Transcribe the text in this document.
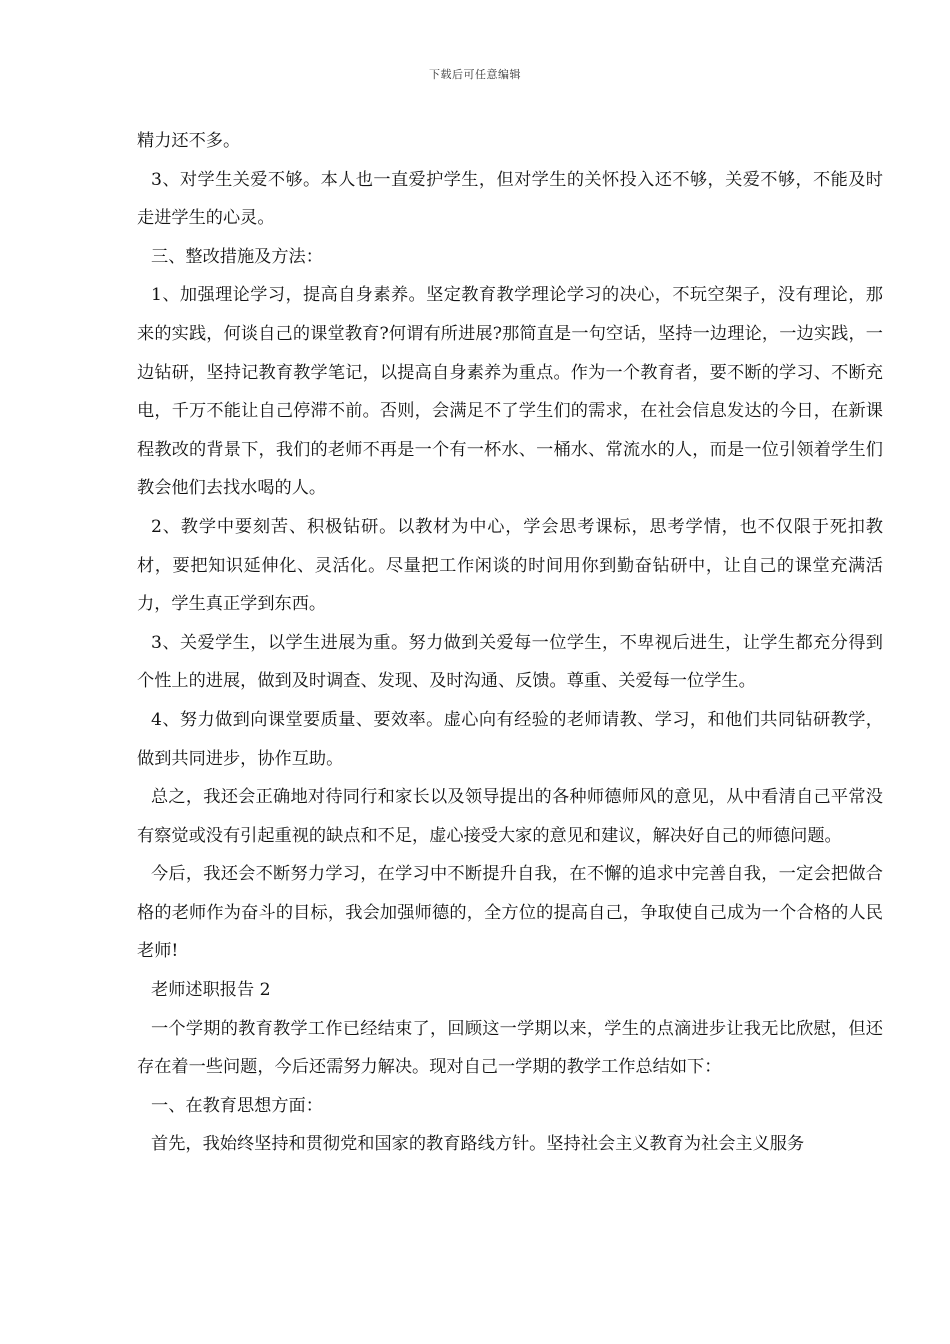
下载后可任意编辑

精力还不多。

3、对学生关爱不够。本人也一直爱护学生，但对学生的关怀投入还不够，关爱不够，不能及时走进学生的心灵。

三、整改措施及方法：

1、加强理论学习，提高自身素养。坚定教育教学理论学习的决心，不玩空架子，没有理论，那来的实践，何谈自己的课堂教育?何谓有所进展?那简直是一句空话，坚持一边理论，一边实践，一边钻研，坚持记教育教学笔记，以提高自身素养为重点。作为一个教育者，要不断的学习、不断充电，千万不能让自己停滞不前。否则，会满足不了学生们的需求，在社会信息发达的今日，在新课程教改的背景下，我们的老师不再是一个有一杯水、一桶水、常流水的人，而是一位引领着学生们教会他们去找水喝的人。

2、教学中要刻苦、积极钻研。以教材为中心，学会思考课标，思考学情，也不仅限于死扣教材，要把知识延伸化、灵活化。尽量把工作闲谈的时间用你到勤奋钻研中，让自己的课堂充满活力，学生真正学到东西。

3、关爱学生，以学生进展为重。努力做到关爱每一位学生，不卑视后进生，让学生都充分得到个性上的进展，做到及时调查、发现、及时沟通、反馈。尊重、关爱每一位学生。

4、努力做到向课堂要质量、要效率。虚心向有经验的老师请教、学习，和他们共同钻研教学，做到共同进步，协作互助。

总之，我还会正确地对待同行和家长以及领导提出的各种师德师风的意见，从中看清自己平常没有察觉或没有引起重视的缺点和不足，虚心接受大家的意见和建议，解决好自己的师德问题。

今后，我还会不断努力学习，在学习中不断提升自我，在不懈的追求中完善自我，一定会把做合格的老师作为奋斗的目标，我会加强师德的，全方位的提高自己，争取使自己成为一个合格的人民老师!

老师述职报告 2

一个学期的教育教学工作已经结束了，回顾这一学期以来，学生的点滴进步让我无比欣慰，但还存在着一些问题，今后还需努力解决。现对自己一学期的教学工作总结如下：

一、在教育思想方面：

首先，我始终坚持和贯彻党和国家的教育路线方针。坚持社会主义教育为社会主义服务
